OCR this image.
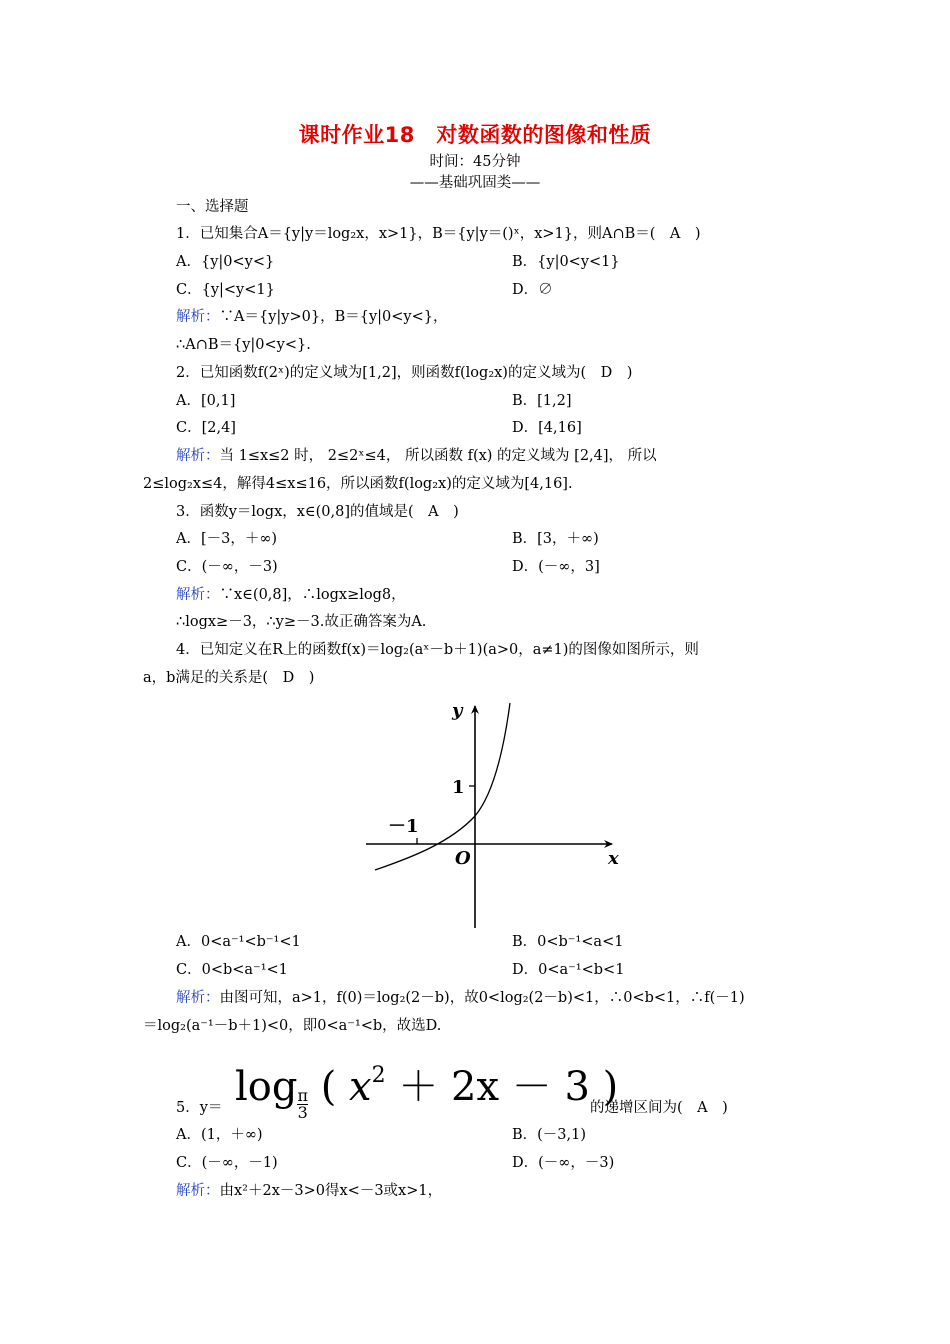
课时作业18　对数函数的图像和性质
时间：45分钟
——基础巩固类——
一、选择题
1．已知集合A＝{y|y＝log₂x，x>1}，B＝{y|y＝()ˣ，x>1}，则A∩B＝(　A　)
A．{y|0<y<}	B．{y|0<y<1}
C．{y|<y<1}	D．∅
解析：∵A＝{y|y>0}，B＝{y|0<y<}，
∴A∩B＝{y|0<y<}.
2．已知函数f(2ˣ)的定义域为[1,2]，则函数f(log₂x)的定义域为(　D　)
A．[0,1]	B．[1,2]
C．[2,4]	D．[4,16]
解析：当 1≤x≤2 时， 2≤2ˣ≤4， 所以函数 f(x) 的定义域为 [2,4]， 所以
2≤log₂x≤4，解得4≤x≤16，所以函数f(log₂x)的定义域为[4,16].
3．函数y＝logx，x∈(0,8]的值域是(　A　)
A．[－3，＋∞)	B．[3，＋∞)
C．(－∞，－3)	D．(－∞，3]
解析：∵x∈(0,8]，∴logx≥log8，
∴logx≥－3，∴y≥－3.故正确答案为A.
4．已知定义在R上的函数f(x)＝log₂(aˣ－b＋1)(a>0，a≠1)的图像如图所示，则
a，b满足的关系是(　D　)
y
x
O
1
－1
A．0<a⁻¹<b⁻¹<1	B．0<b⁻¹<a<1
C．0<b<a⁻¹<1	D．0<a⁻¹<b<1
解析：由图可知，a>1，f(0)＝log₂(2－b)，故0<log₂(2－b)<1，∴0<b<1，∴f(－1)
＝log₂(a⁻¹－b＋1)<0，即0<a⁻¹<b，故选D.
$\log \frac{\pi}{3}$ ( $x^2 + 2x - 3$ )
5．y＝	的递增区间为(　A　)
A．(1，＋∞)	B．(－3,1)
C．(－∞，－1)	D．(－∞，－3)
解析：由x²＋2x－3>0得x<－3或x>1，
